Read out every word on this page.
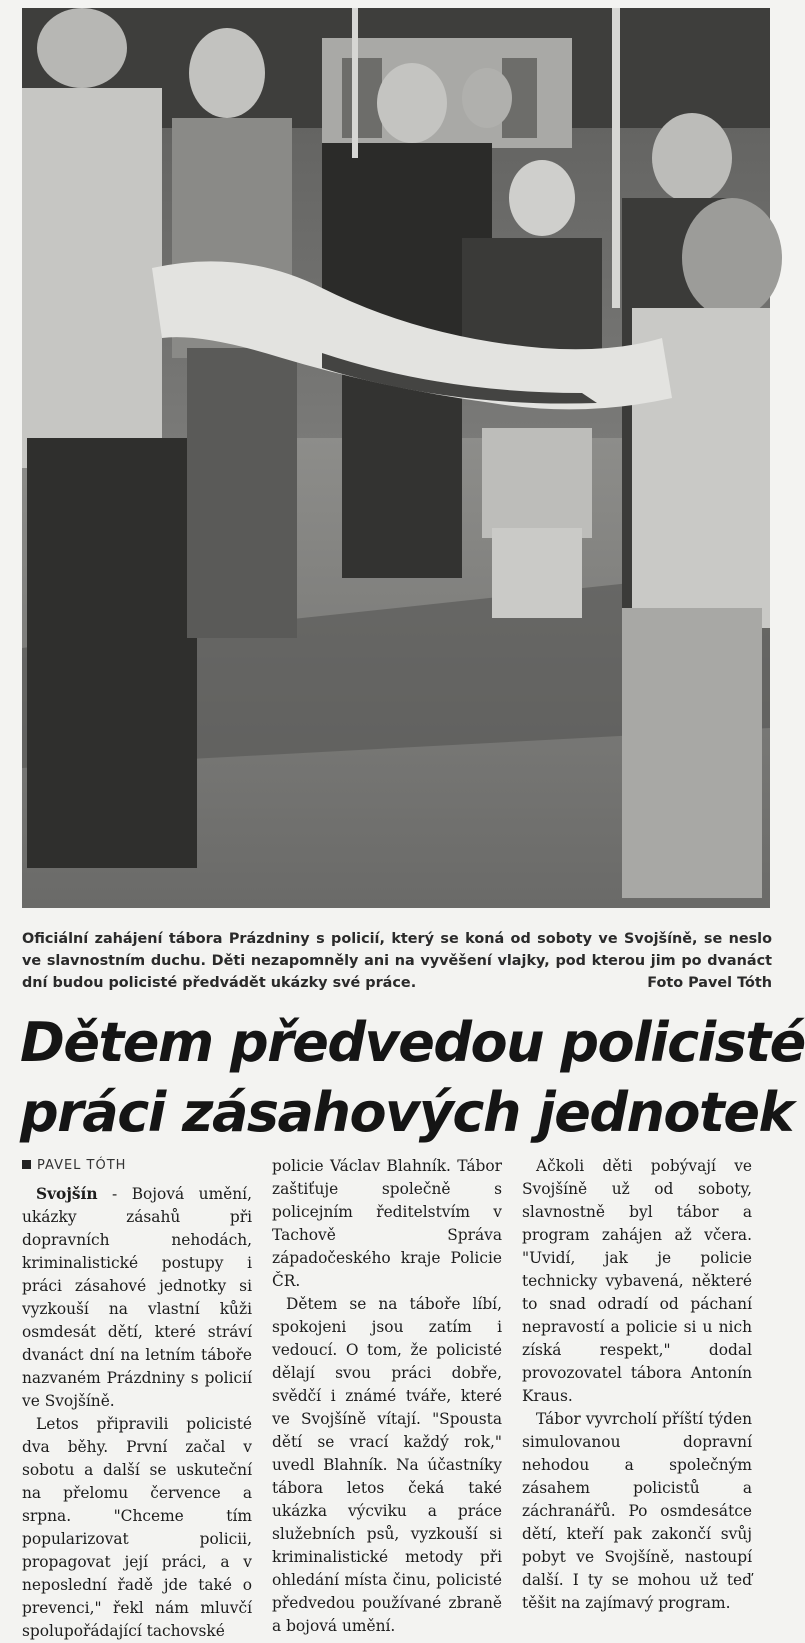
Oficiální zahájení tábora Prázdniny s policií, který se koná od soboty ve Svojšíně, se neslo ve slavnostním duchu. Děti nezapomněly ani na vyvěšení vlajky, pod kterou jim po dvanáct dní budou policisté předvádět ukázky své práce.	Foto Pavel Tóth
Dětem předvedou policisté
práci zásahových jednotek
PAVEL TÓTH

Svojšín - Bojová umění, ukázky zásahů při dopravních nehodách, kriminalistické postupy i práci zásahové jednotky si vyzkouší na vlastní kůži osmdesát dětí, které stráví dvanáct dní na letním táboře nazvaném Prázdniny s policií ve Svojšíně.

Letos připravili policisté dva běhy. První začal v sobotu a další se uskuteční na přelomu července a srpna. "Chceme tím popularizovat policii, propagovat její práci, a v neposlední řadě jde také o prevenci," řekl nám mluvčí spolupořádající tachovské

policie Václav Blahník. Tábor zaštiťuje společně s policejním ředitelstvím v Tachově Správa západočeského kraje Policie ČR.

Dětem se na táboře líbí, spokojeni jsou zatím i vedoucí. O tom, že policisté dělají svou práci dobře, svědčí i známé tváře, které ve Svojšíně vítají. "Spousta dětí se vrací každý rok," uvedl Blahník. Na účastníky tábora letos čeká také ukázka výcviku a práce služebních psů, vyzkouší si kriminalistické metody při ohledání místa činu, policisté předvedou používané zbraně a bojová umění.

Ačkoli děti pobývají ve Svojšíně už od soboty, slavnostně byl tábor a program zahájen až včera. "Uvidí, jak je policie technicky vybavená, některé to snad odradí od páchaní nepravostí a policie si u nich získá respekt," dodal provozovatel tábora Antonín Kraus.

Tábor vyvrcholí příští týden simulovanou dopravní nehodou a společným zásahem policistů a záchranářů. Po osmdesátce dětí, kteří pak zakončí svůj pobyt ve Svojšíně, nastoupí další. I ty se mohou už teď těšit na zajímavý program.
